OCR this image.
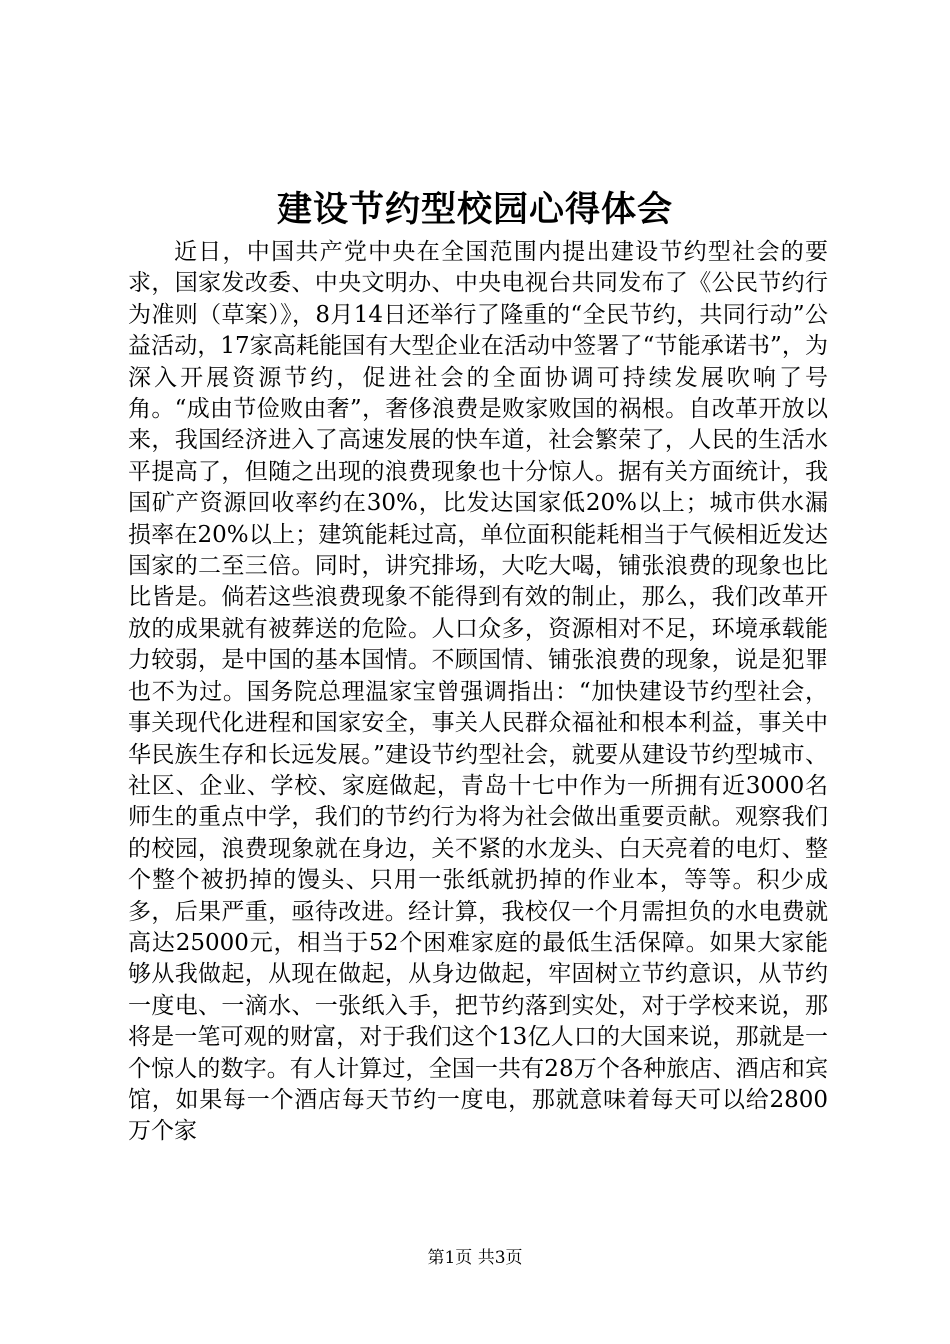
建设节约型校园心得体会

近日，中国共产党中央在全国范围内提出建设节约型社会的要求，国家发改委、中央文明办、中央电视台共同发布了《公民节约行为准则（草案）》，8月14日还举行了隆重的“全民节约，共同行动”公益活动，17家高耗能国有大型企业在活动中签署了“节能承诺书”，为深入开展资源节约，促进社会的全面协调可持续发展吹响了号角。“成由节俭败由奢”，奢侈浪费是败家败国的祸根。自改革开放以来，我国经济进入了高速发展的快车道，社会繁荣了，人民的生活水平提高了，但随之出现的浪费现象也十分惊人。据有关方面统计，我国矿产资源回收率约在30%，比发达国家低20%以上；城市供水漏损率在20%以上；建筑能耗过高，单位面积能耗相当于气候相近发达国家的二至三倍。同时，讲究排场，大吃大喝，铺张浪费的现象也比比皆是。倘若这些浪费现象不能得到有效的制止，那么，我们改革开放的成果就有被葬送的危险。人口众多，资源相对不足，环境承载能力较弱，是中国的基本国情。不顾国情、铺张浪费的现象，说是犯罪也不为过。国务院总理温家宝曾强调指出：“加快建设节约型社会，事关现代化进程和国家安全，事关人民群众福祉和根本利益，事关中华民族生存和长远发展。”建设节约型社会，就要从建设节约型城市、社区、企业、学校、家庭做起，青岛十七中作为一所拥有近3000名师生的重点中学，我们的节约行为将为社会做出重要贡献。观察我们的校园，浪费现象就在身边，关不紧的水龙头、白天亮着的电灯、整个整个被扔掉的馒头、只用一张纸就扔掉的作业本，等等。积少成多，后果严重，亟待改进。经计算，我校仅一个月需担负的水电费就高达25000元，相当于52个困难家庭的最低生活保障。如果大家能够从我做起，从现在做起，从身边做起，牢固树立节约意识，从节约一度电、一滴水、一张纸入手，把节约落到实处，对于学校来说，那将是一笔可观的财富，对于我们这个13亿人口的大国来说，那就是一个惊人的数字。有人计算过，全国一共有28万个各种旅店、酒店和宾馆，如果每一个酒店每天节约一度电，那就意味着每天可以给2800万个家

第1页 共3页
